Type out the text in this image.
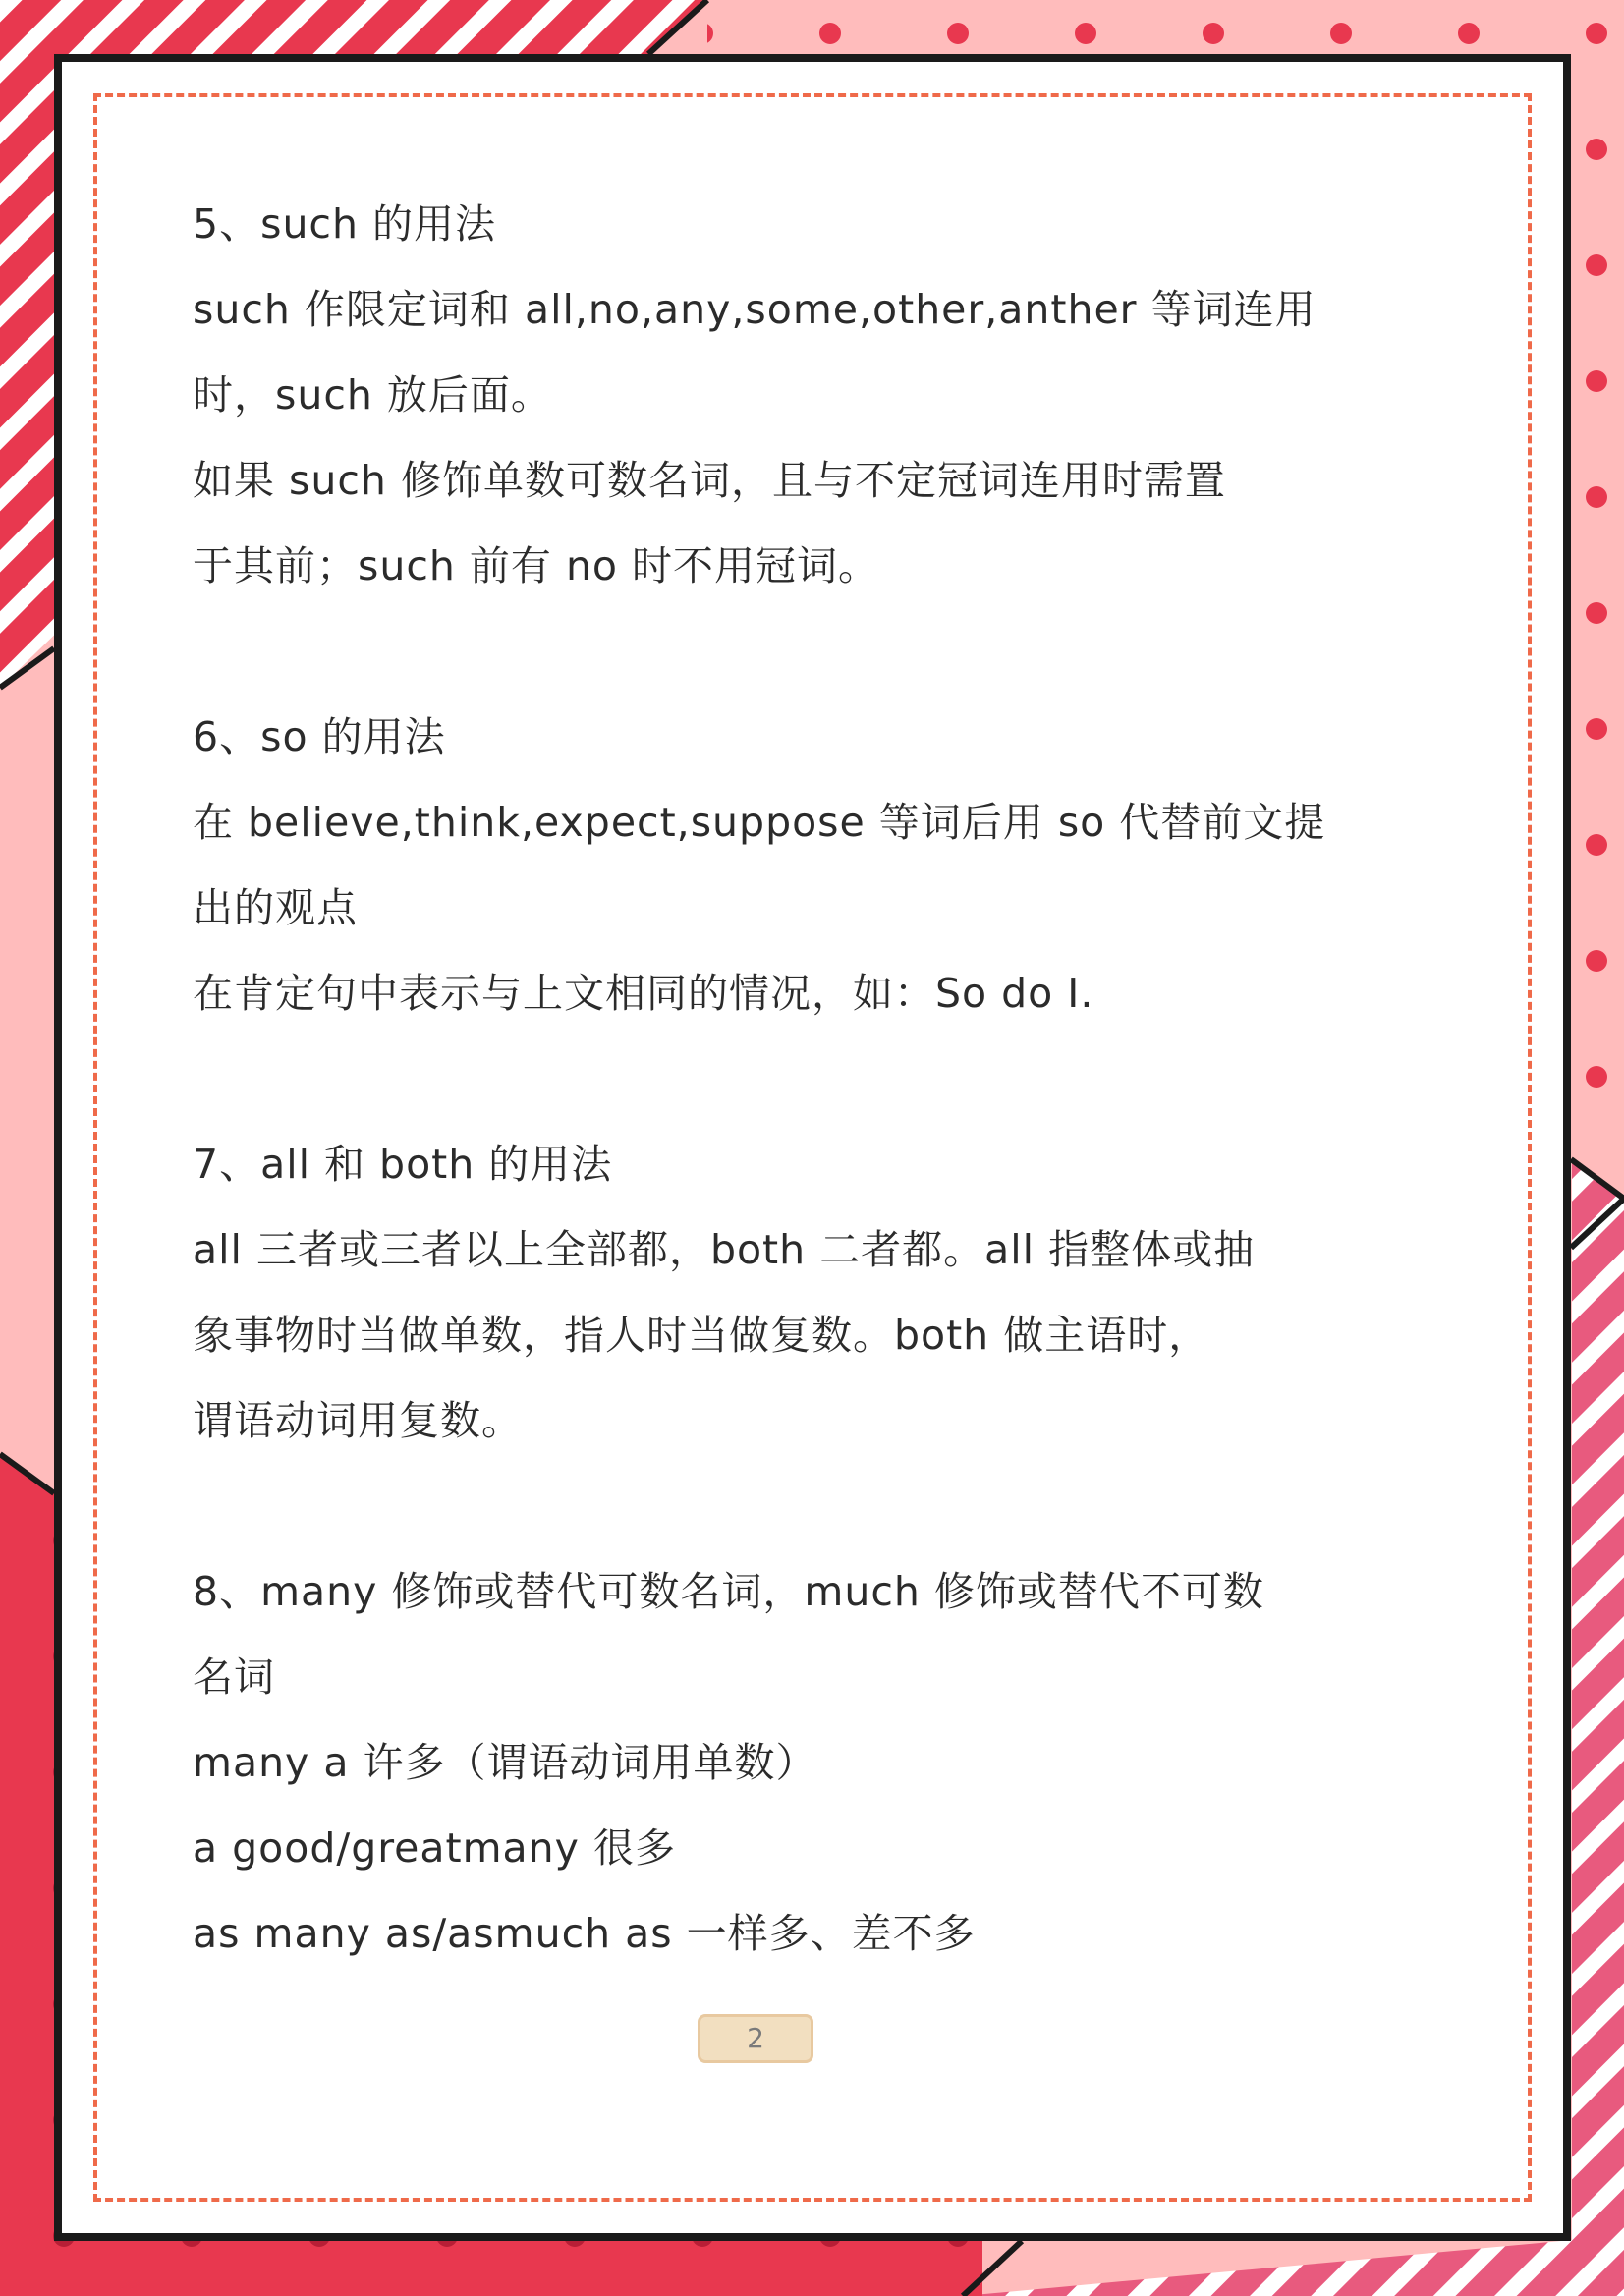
5、such 的用法

such 作限定词和 all,no,any,some,other,anther 等词连用

时，such 放后面。

如果 such 修饰单数可数名词，且与不定冠词连用时需置

于其前；such 前有 no 时不用冠词。

6、so 的用法

在 believe,think,expect,suppose 等词后用 so 代替前文提

出的观点

在肯定句中表示与上文相同的情况，如：So do I.

7、all 和 both 的用法

all 三者或三者以上全部都，both 二者都。all 指整体或抽

象事物时当做单数，指人时当做复数。both 做主语时，

谓语动词用复数。

8、many 修饰或替代可数名词，much 修饰或替代不可数

名词

many a 许多（谓语动词用单数）

a good/greatmany 很多

as many as/asmuch as 一样多、差不多

2
